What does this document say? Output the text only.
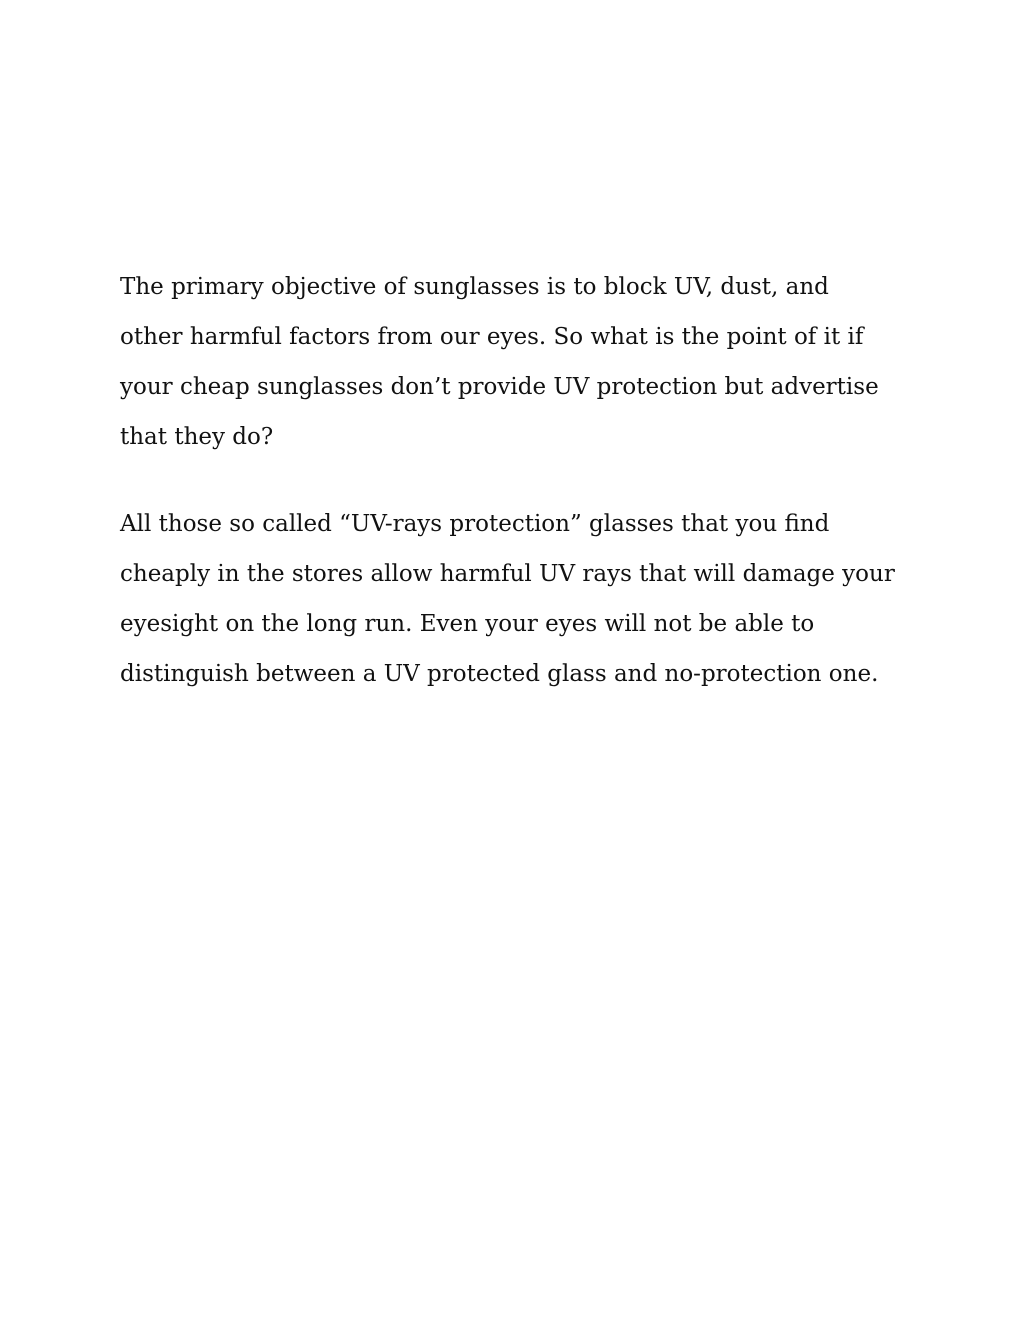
The primary objective of sunglasses is to block UV, dust, and
other harmful factors from our eyes. So what is the point of it if
your cheap sunglasses don’t provide UV protection but advertise
that they do?
All those so called “UV-rays protection” glasses that you find
cheaply in the stores allow harmful UV rays that will damage your
eyesight on the long run. Even your eyes will not be able to
distinguish between a UV protected glass and no-protection one.
